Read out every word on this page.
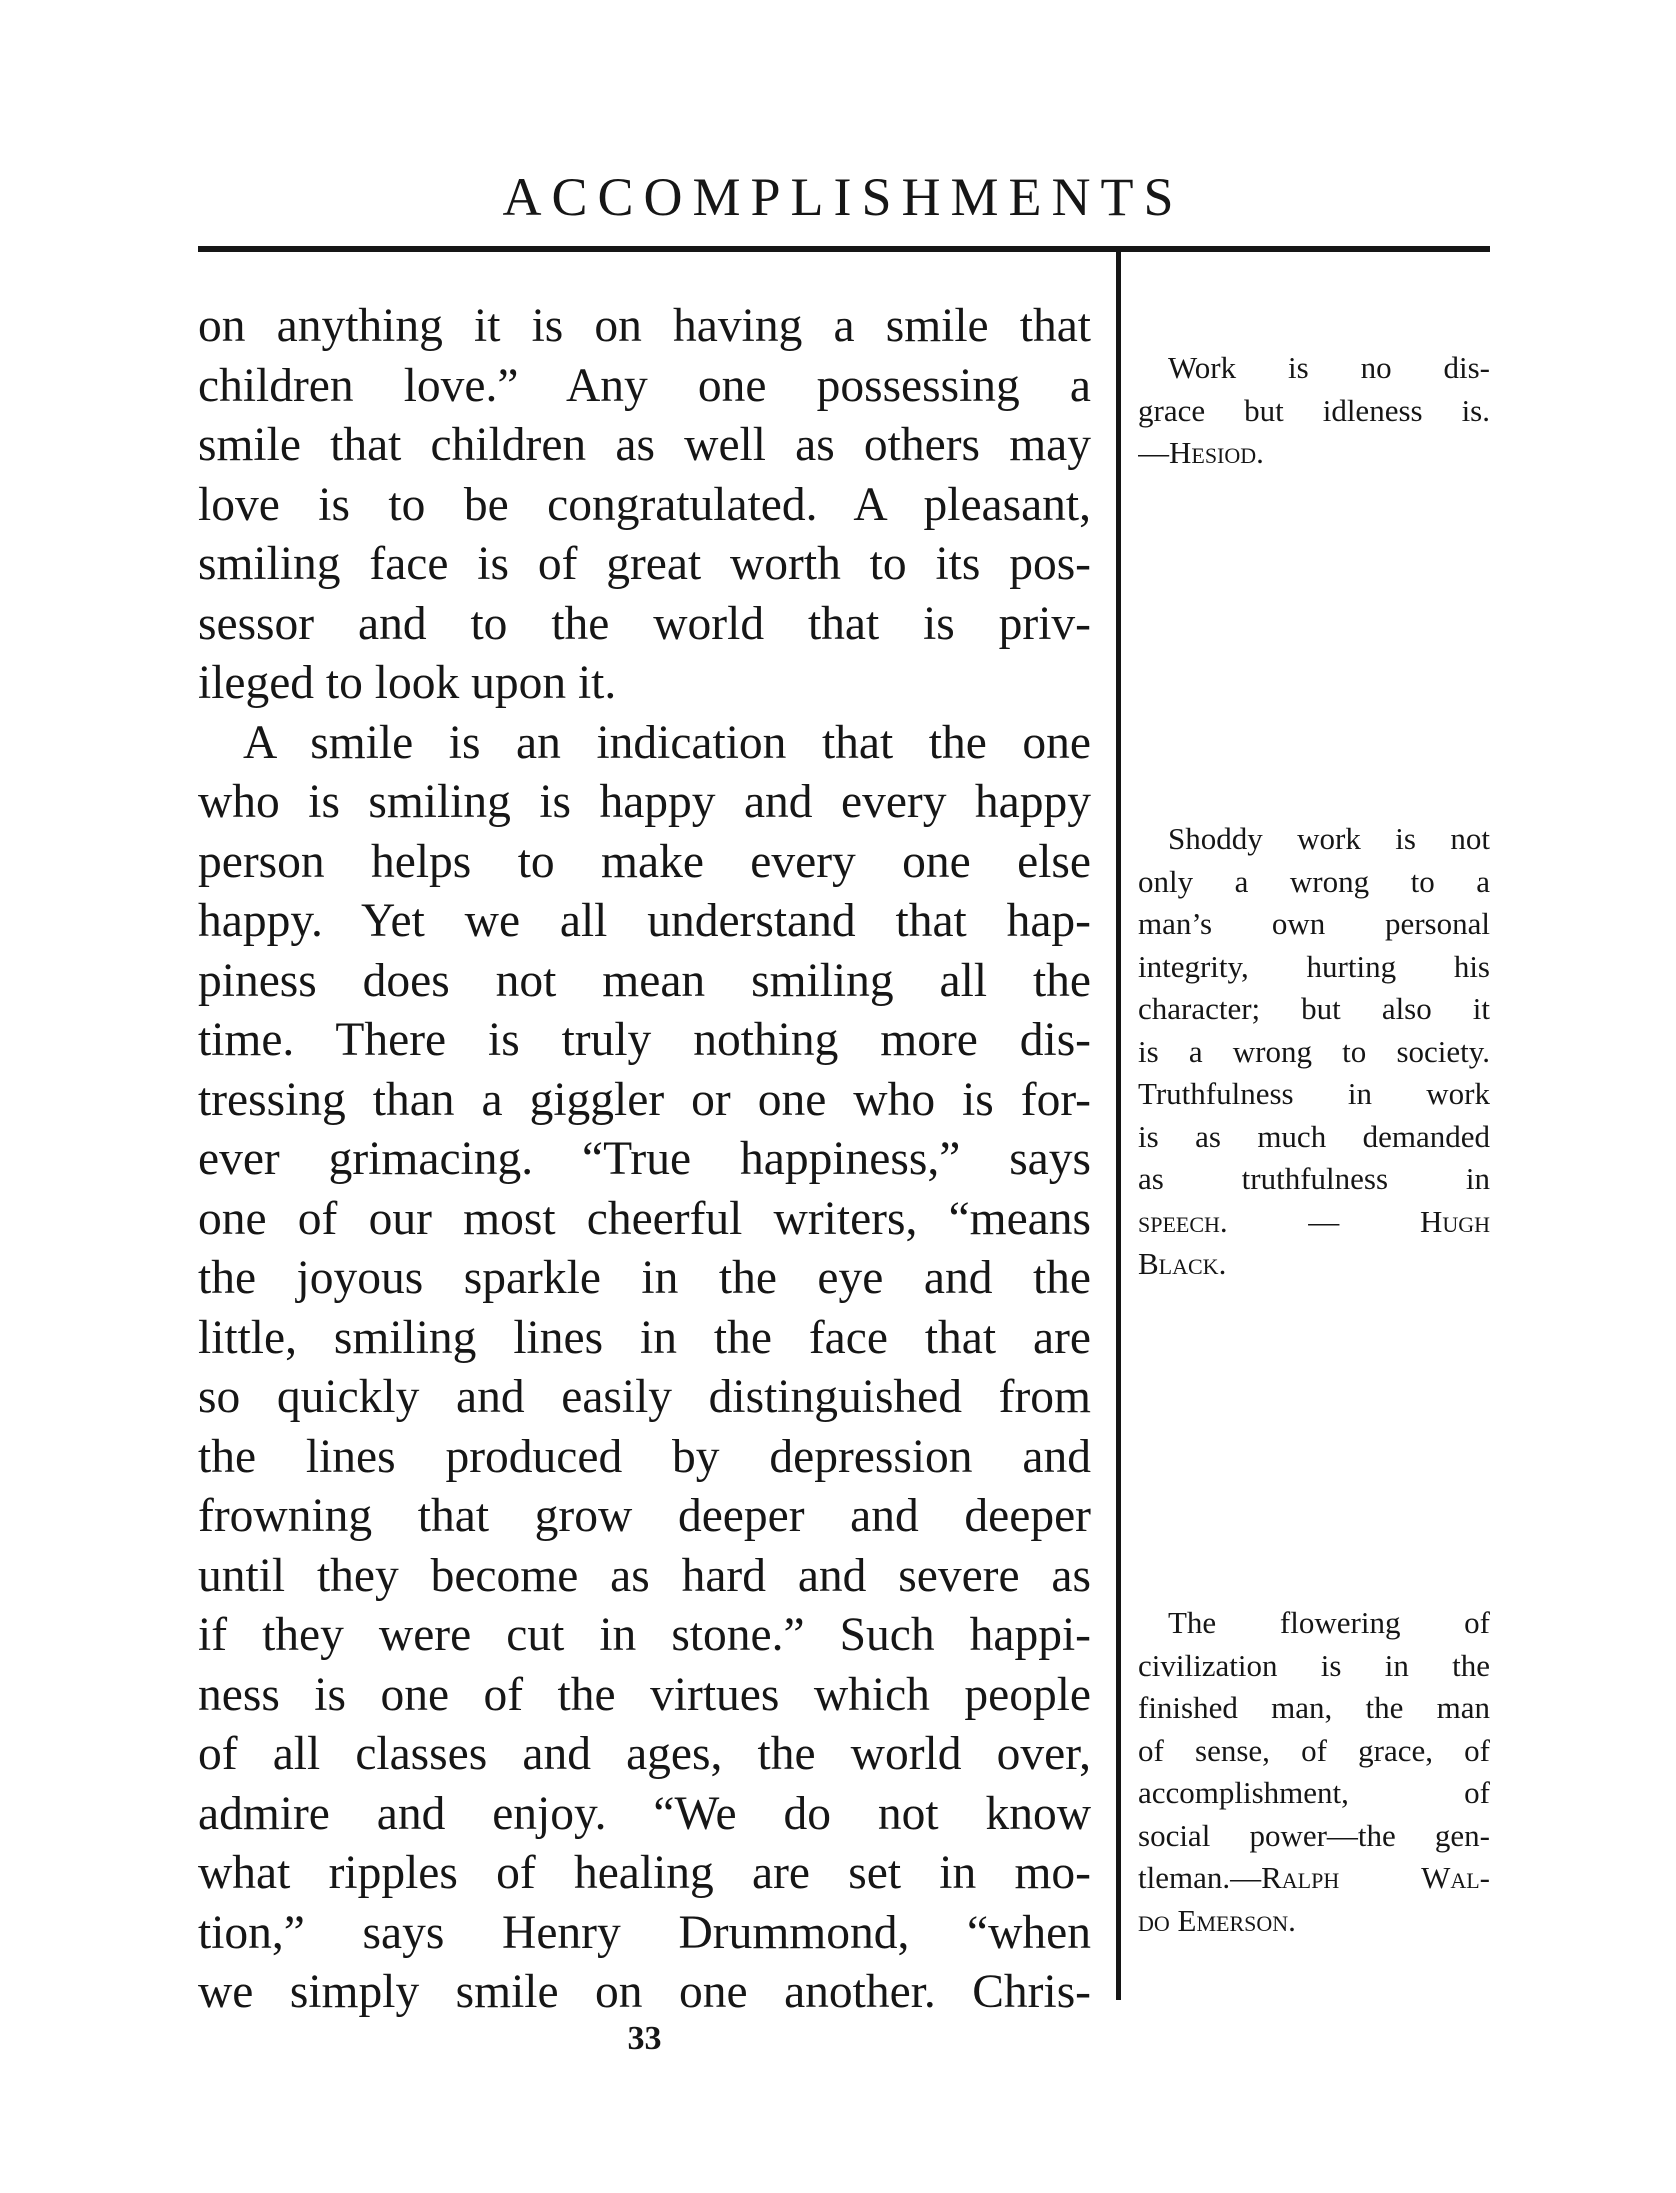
ACCOMPLISHMENTS
on anything it is on having a smile that
children love.” Any one possessing a
smile that children as well as others may
love is to be congratulated. A pleasant,
smiling face is of great worth to its pos-
sessor and to the world that is priv-
ileged to look upon it.
A smile is an indication that the one
who is smiling is happy and every happy
person helps to make every one else
happy. Yet we all understand that hap-
piness does not mean smiling all the
time. There is truly nothing more dis-
tressing than a giggler or one who is for-
ever grimacing. “True happiness,” says
one of our most cheerful writers, “means
the joyous sparkle in the eye and the
little, smiling lines in the face that are
so quickly and easily distinguished from
the lines produced by depression and
frowning that grow deeper and deeper
until they become as hard and severe as
if they were cut in stone.” Such happi-
ness is one of the virtues which people
of all classes and ages, the world over,
admire and enjoy. “We do not know
what ripples of healing are set in mo-
tion,” says Henry Drummond, “when
we simply smile on one another. Chris-
Work is no dis-
grace but idleness is.
—Hesiod.
Shoddy work is not
only a wrong to a
man’s own personal
integrity, hurting his
character; but also it
is a wrong to society.
Truthfulness in work
is as much demanded
as truthfulness in
speech. — Hugh
Black.
The flowering of
civilization is in the
finished man, the man
of sense, of grace, of
accomplishment, of
social power—the gen-
tleman.—Ralph Wal-
do Emerson.
33
